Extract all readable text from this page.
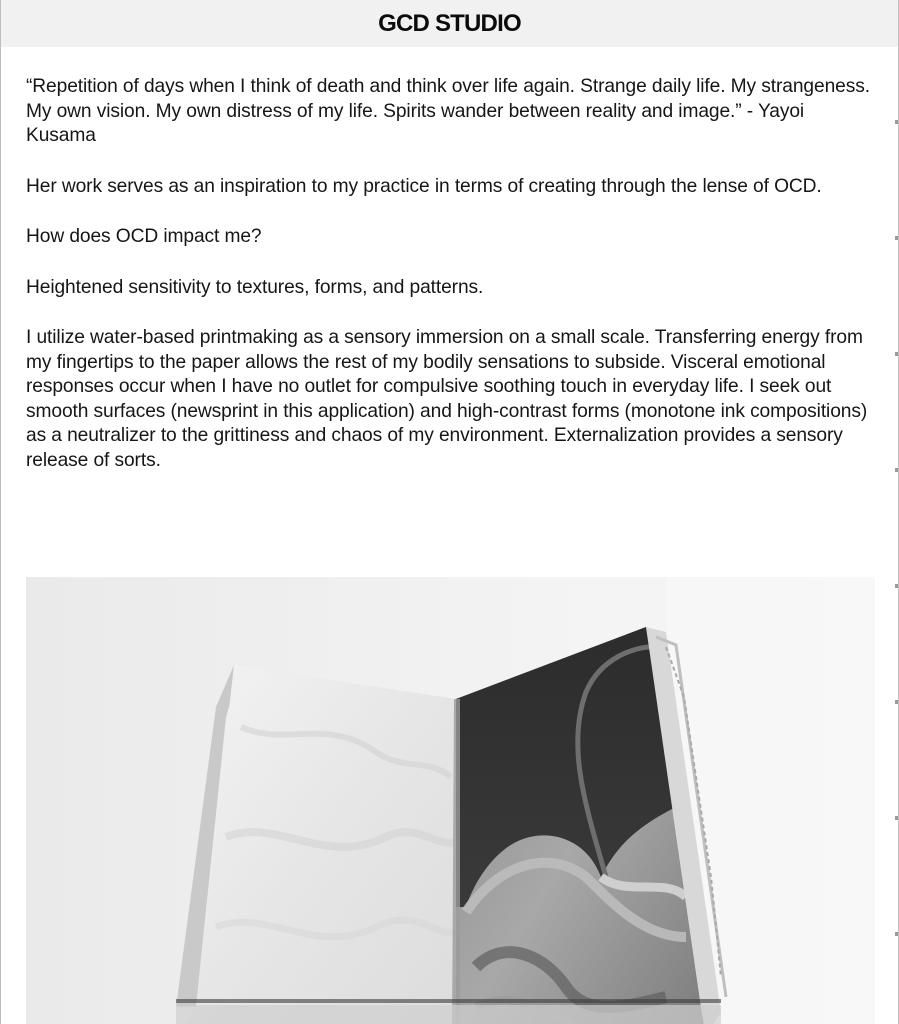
GCD STUDIO

“Repetition of days when I think of death and think over life again. Strange daily life. My strangeness. My own vision. My own distress of my life. Spirits wander between reality and image.” - Yayoi Kusama

Her work serves as an inspiration to my practice in terms of creating through the lense of OCD.

How does OCD impact me?

Heightened sensitivity to textures, forms, and patterns.

I utilize water-based printmaking as a sensory immersion on a small scale. Transferring energy from my fingertips to the paper allows the rest of my bodily sensations to subside. Visceral emotional responses occur when I have no outlet for compulsive soothing touch in everyday life. I seek out smooth surfaces (newsprint in this application) and high-contrast forms (monotone ink compositions) as a neutralizer to the grittiness and chaos of my environment. Externalization provides a sensory release of sorts.
